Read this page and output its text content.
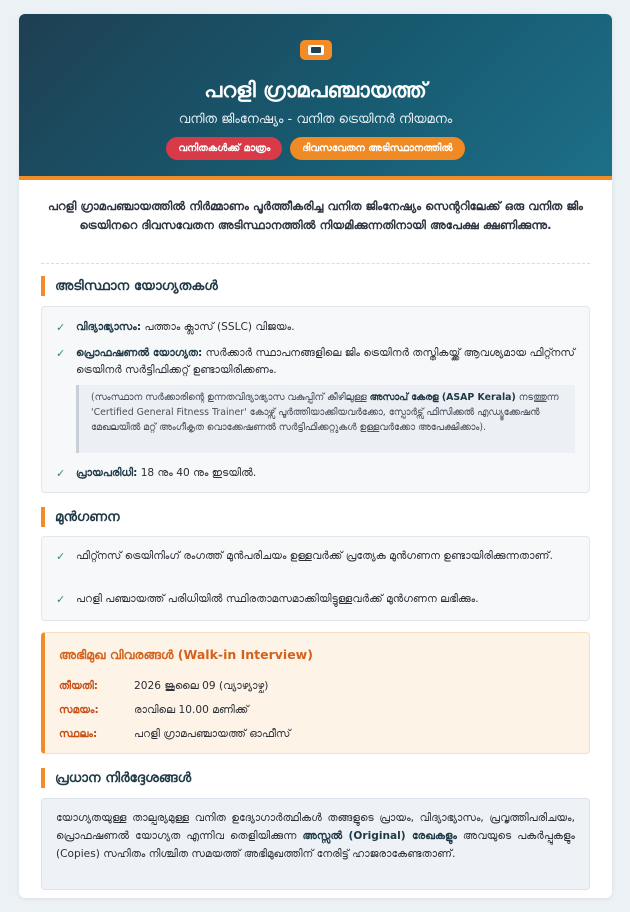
പറളി ഗ്രാമപഞ്ചായത്ത്
വനിത ജിംനേഷ്യം - വനിത ട്രെയിനർ നിയമനം
വനിതകൾക്ക് മാത്രം	ദിവസവേതന അടിസ്ഥാനത്തിൽ
പറളി ഗ്രാമപഞ്ചായത്തിൽ നിർമ്മാണം പൂർത്തീകരിച്ച വനിത ജിംനേഷ്യം സെന്ററിലേക്ക് ഒരു വനിത ജിം ട്രെയിനറെ ദിവസവേതന അടിസ്ഥാനത്തിൽ നിയമിക്കുന്നതിനായി അപേക്ഷ ക്ഷണിക്കുന്നു.
അടിസ്ഥാന യോഗ്യതകൾ
✓	വിദ്യാഭ്യാസം: പത്താം ക്ലാസ് (SSLC) വിജയം.
✓	പ്രൊഫഷണൽ യോഗ്യത: സർക്കാർ സ്ഥാപനങ്ങളിലെ ജിം ട്രെയിനർ തസ്തികയ്ക്ക് ആവശ്യമായ ഫിറ്റ്നസ് ട്രെയിനർ സർട്ടിഫിക്കറ്റ് ഉണ്ടായിരിക്കണം.
(സംസ്ഥാന സർക്കാരിന്റെ ഉന്നതവിദ്യാഭ്യാസ വകുപ്പിന് കീഴിലുള്ള അസാപ് കേരള (ASAP Kerala) നടത്തുന്ന 'Certified General Fitness Trainer' കോഴ്സ് പൂർത്തിയാക്കിയവർക്കോ, സ്പോർട്സ് ഫിസിക്കൽ എഡ്യൂക്കേഷൻ മേഖലയിൽ മറ്റ് അംഗീകൃത വൊക്കേഷണൽ സർട്ടിഫിക്കറ്റുകൾ ഉള്ളവർക്കോ അപേക്ഷിക്കാം).
✓	പ്രായപരിധി: 18 നും 40 നും ഇടയിൽ.
മുൻഗണന
✓	ഫിറ്റ്നസ് ട്രെയിനിംഗ് രംഗത്ത് മുൻപരിചയം ഉള്ളവർക്ക് പ്രത്യേക മുൻഗണന ഉണ്ടായിരിക്കുന്നതാണ്.
✓	പറളി പഞ്ചായത്ത് പരിധിയിൽ സ്ഥിരതാമസമാക്കിയിട്ടുള്ളവർക്ക് മുൻഗണന ലഭിക്കും.
അഭിമുഖ വിവരങ്ങൾ (Walk-in Interview)
തീയതി:	2026 ജൂലൈ 09 (വ്യാഴ്യാഴ്ച)
സമയം:	രാവിലെ 10.00 മണിക്ക്
സ്ഥലം:	പറളി ഗ്രാമപഞ്ചായത്ത് ഓഫീസ്
പ്രധാന നിർദ്ദേശങ്ങൾ
യോഗ്യതയുള്ള താല്പര്യമുള്ള വനിത ഉദ്യോഗാർത്ഥികൾ തങ്ങളുടെ പ്രായം, വിദ്യാഭ്യാസം, പ്രവൃത്തിപരിചയം, പ്രൊഫഷണൽ യോഗ്യത എന്നിവ തെളിയിക്കുന്ന അസ്സൽ (Original) രേഖകളും അവയുടെ പകർപ്പുകളും (Copies) സഹിതം നിശ്ചിത സമയത്ത് അഭിമുഖത്തിന് നേരിട്ട് ഹാജരാകേണ്ടതാണ്.
